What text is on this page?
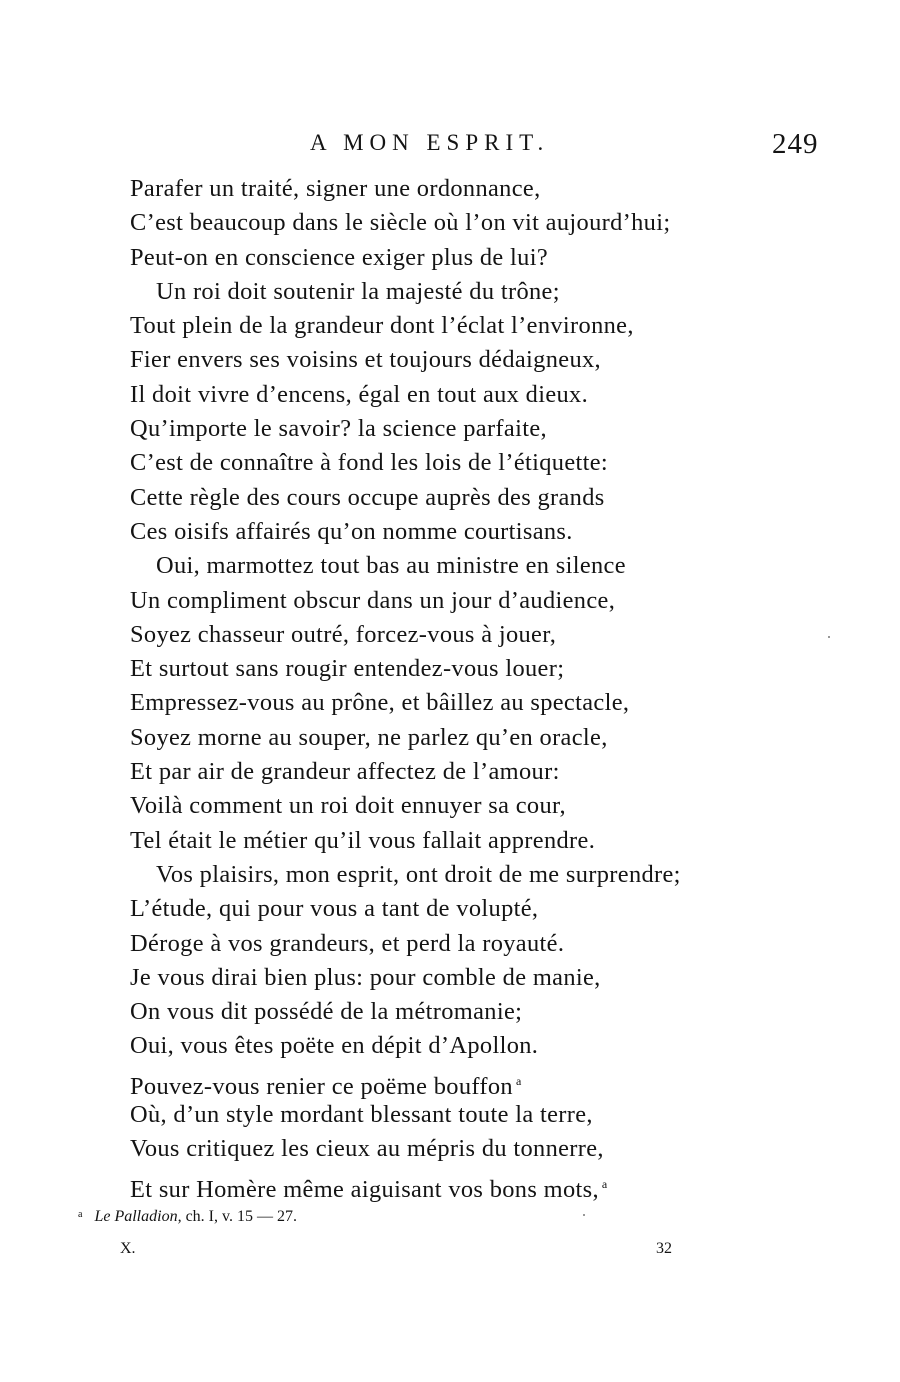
A MON ESPRIT.	249
Parafer un traité, signer une ordonnance,
C’est beaucoup dans le siècle où l’on vit aujourd’hui;
Peut-on en conscience exiger plus de lui?
Un roi doit soutenir la majesté du trône;
Tout plein de la grandeur dont l’éclat l’environne,
Fier envers ses voisins et toujours dédaigneux,
Il doit vivre d’encens, égal en tout aux dieux.
Qu’importe le savoir? la science parfaite,
C’est de connaître à fond les lois de l’étiquette:
Cette règle des cours occupe auprès des grands
Ces oisifs affairés qu’on nomme courtisans.
Oui, marmottez tout bas au ministre en silence
Un compliment obscur dans un jour d’audience,
Soyez chasseur outré, forcez-vous à jouer,
Et surtout sans rougir entendez-vous louer;
Empressez-vous au prône, et bâillez au spectacle,
Soyez morne au souper, ne parlez qu’en oracle,
Et par air de grandeur affectez de l’amour:
Voilà comment un roi doit ennuyer sa cour,
Tel était le métier qu’il vous fallait apprendre.
Vos plaisirs, mon esprit, ont droit de me surprendre;
L’étude, qui pour vous a tant de volupté,
Déroge à vos grandeurs, et perd la royauté.
Je vous dirai bien plus: pour comble de manie,
On vous dit possédé de la métromanie;
Oui, vous êtes poëte en dépit d’Apollon.
Pouvez-vous renier ce poëme bouffon $^a$
Où, d’un style mordant blessant toute la terre,
Vous critiquez les cieux au mépris du tonnerre,
Et sur Homère même aiguisant vos bons mots, $^a$
$^a$ Le Palladion, ch. I, v. 15 — 27.
X.	32
